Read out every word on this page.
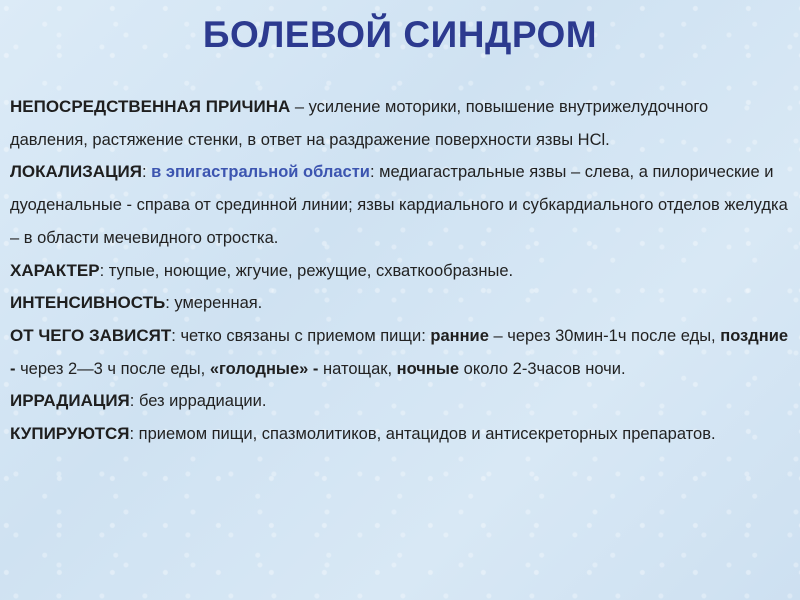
БОЛЕВОЙ СИНДРОМ

НЕПОСРЕДСТВЕННАЯ ПРИЧИНА – усиление моторики, повышение внутрижелудочного давления, растяжение стенки, в ответ на раздражение поверхности язвы HCl.

ЛОКАЛИЗАЦИЯ: в эпигастральной области: медиагастральные язвы – слева, а пилорические и дуоденальные - справа от срединной линии; язвы кардиального и субкардиального отделов желудка – в области мечевидного отростка.

ХАРАКТЕР: тупые, ноющие, жгучие, режущие, схваткообразные.

ИНТЕНСИВНОСТЬ: умеренная.

ОТ ЧЕГО ЗАВИСЯТ: четко связаны с приемом пищи: ранние – через 30мин-1ч после еды, поздние - через 2—3 ч после еды, «голодные» - натощак, ночные около 2-3часов ночи.

ИРРАДИАЦИЯ: без иррадиации.

КУПИРУЮТСЯ: приемом пищи, спазмолитиков, антацидов и антисекреторных препаратов.
